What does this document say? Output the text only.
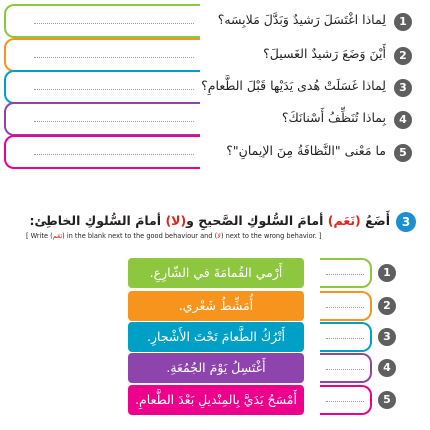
لِماذا اغْتَسَلَ رَشيدٌ وَبَدَّلَ مَلابِسَه؟	1
أَيْنَ وَضَعَ رَشيدٌ الغَسيلَ؟	2
لِماذا غَسَلَتْ هُدى يَدَيْها قَبْلَ الطَّعامِ؟	3
بِماذا تُنَظِّفُ أَسْنانَكَ؟	4
ما مَعْنى "النَّظافَةُ مِنَ الإيمانِ"؟	5
3
أَضَعُ (نَعَم) أمامَ السُّلوكِ الصَّحيحِ و(لا) أمامَ السُّلوكِ الخاطِئ:
[ Write (نَعَم) in the blank next to the good behaviour and (لا) next to the wrong behavior. ]
أَرْمي القُمامَةَ في الشّارِعِ.	1
أُمَشِّطُ شَعْري.	2
أَتْرُكُ الطَّعامَ تَحْتَ الأَشْجارِ.	3
أَغْتَسِلُ يَوْمَ الجُمُعَةِ.	4
أَمْسَحُ يَدَيَّ بِالمِنْديلِ بَعْدَ الطَّعامِ.	5
